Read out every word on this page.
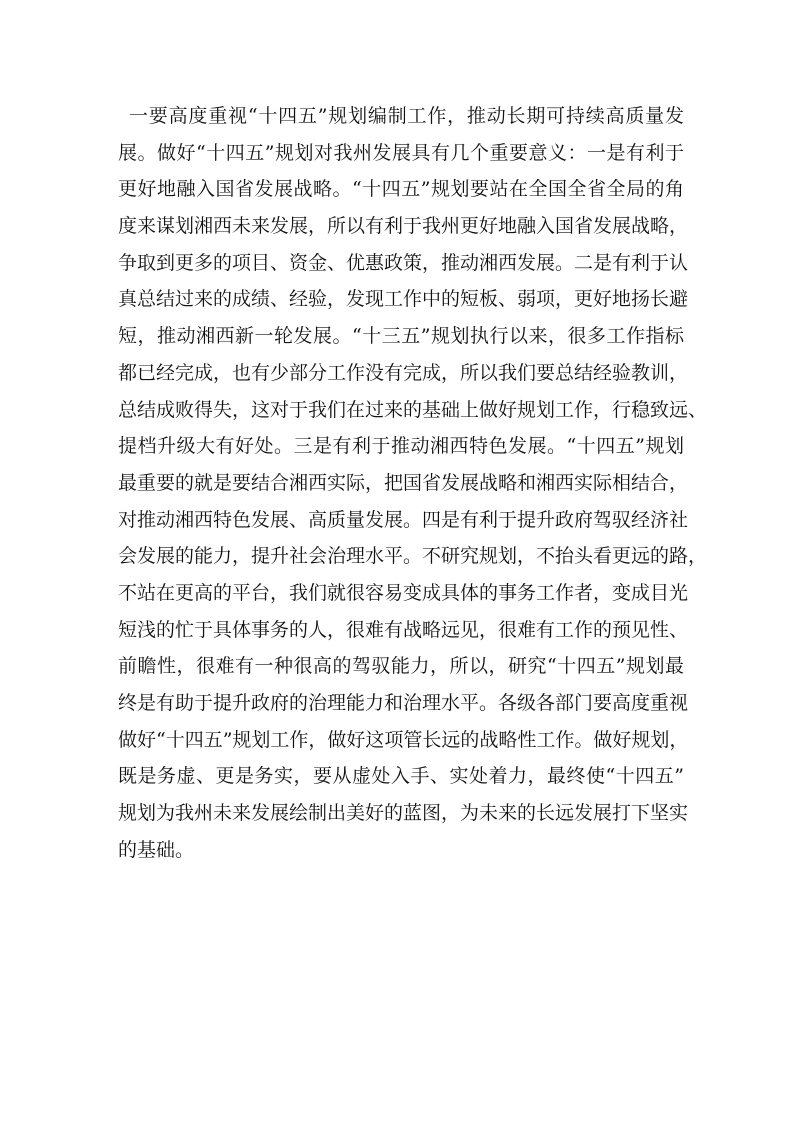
一要高度重视“十四五”规划编制工作，推动长期可持续高质量发
展。做好“十四五”规划对我州发展具有几个重要意义：一是有利于
更好地融入国省发展战略。“十四五”规划要站在全国全省全局的角
度来谋划湘西未来发展，所以有利于我州更好地融入国省发展战略，
争取到更多的项目、资金、优惠政策，推动湘西发展。二是有利于认
真总结过来的成绩、经验，发现工作中的短板、弱项，更好地扬长避
短，推动湘西新一轮发展。“十三五”规划执行以来，很多工作指标
都已经完成，也有少部分工作没有完成，所以我们要总结经验教训，
总结成败得失，这对于我们在过来的基础上做好规划工作，行稳致远、
提档升级大有好处。三是有利于推动湘西特色发展。“十四五”规划
最重要的就是要结合湘西实际，把国省发展战略和湘西实际相结合，
对推动湘西特色发展、高质量发展。四是有利于提升政府驾驭经济社
会发展的能力，提升社会治理水平。不研究规划，不抬头看更远的路，
不站在更高的平台，我们就很容易变成具体的事务工作者，变成目光
短浅的忙于具体事务的人，很难有战略远见，很难有工作的预见性、
前瞻性，很难有一种很高的驾驭能力，所以，研究“十四五”规划最
终是有助于提升政府的治理能力和治理水平。各级各部门要高度重视
做好“十四五”规划工作，做好这项管长远的战略性工作。做好规划，
既是务虚、更是务实，要从虚处入手、实处着力，最终使“十四五”
规划为我州未来发展绘制出美好的蓝图，为未来的长远发展打下坚实
的基础。
